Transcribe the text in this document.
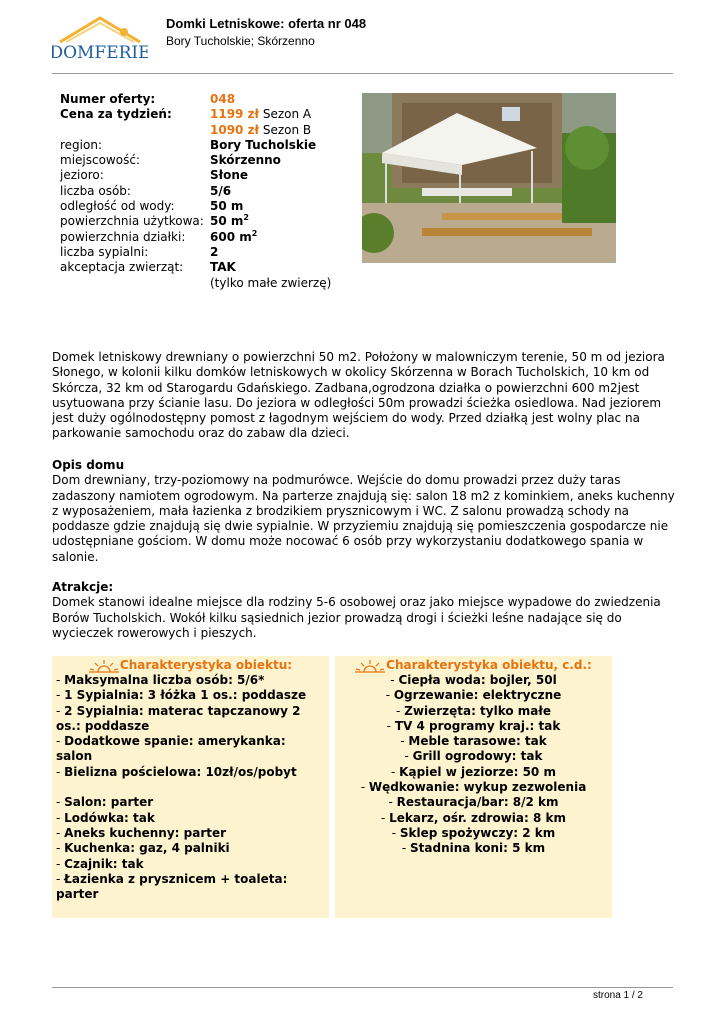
DOMFERIE
Domki Letniskowe: oferta nr 048
Bory Tucholskie; Skórzenno
Numer oferty:	048
Cena za tydzień:	1199 zł Sezon A
1090 zł Sezon B
region:	Bory Tucholskie
miejscowość:	Skórzenno
jezioro:	Słone
liczba osób:	5/6
odległość od wody:	50 m
powierzchnia użytkowa: 50 $m^2$
powierzchnia działki:	600 $m^2$
liczba sypialni:	2
akceptacja zwierząt:	TAK
(tylko małe zwierzę)

Domek letniskowy drewniany o powierzchni 50 m2. Położony w malowniczym terenie, 50 m od jeziora Słonego, w kolonii kilku domków letniskowych w okolicy Skórzenna w Borach Tucholskich, 10 km od Skórcza, 32 km od Starogardu Gdańskiego. Zadbana,ogrodzona działka o powierzchni 600 m2jest usytuowana przy ścianie lasu. Do jeziora w odległości 50m prowadzi ścieżka osiedlowa. Nad jeziorem jest duży ogólnodostępny pomost z łagodnym wejściem do wody. Przed działką jest wolny plac na parkowanie samochodu oraz do zabaw dla dzieci.

Opis domu

Dom drewniany, trzy-poziomowy na podmurówce. Wejście do domu prowadzi przez duży taras zadaszony namiotem ogrodowym. Na parterze znajdują się: salon 18 m2 z kominkiem, aneks kuchenny z wyposażeniem, mała łazienka z brodzikiem prysznicowym i WC. Z salonu prowadzą schody na poddasze gdzie znajdują się dwie sypialnie. W przyziemiu znajdują się pomieszczenia gospodarcze nie udostępniane gościom. W domu może nocować 6 osób przy wykorzystaniu dodatkowego spania w salonie.

Atrakcje:

Domek stanowi idealne miejsce dla rodziny 5-6 osobowej oraz jako miejsce wypadowe do zwiedzenia Borów Tucholskich. Wokół kilku sąsiednich jezior prowadzą drogi i ścieżki leśne nadające się do wycieczek rowerowych i pieszych.

Charakterystyka obiektu:
- Maksymalna liczba osób: 5/6*
- 1 Sypialnia: 3 łóżka 1 os.: poddasze
- 2 Sypialnia: materac tapczanowy 2 os.: poddasze
- Dodatkowe spanie: amerykanka: salon
- Bielizna pościelowa: 10zł/os/pobyt
- Salon: parter
- Lodówka: tak
- Aneks kuchenny: parter
- Kuchenka: gaz, 4 palniki
- Czajnik: tak
- Łazienka z prysznicem + toaleta: parter
Charakterystyka obiektu, c.d.:
- Ciepła woda: bojler, 50l
- Ogrzewanie: elektryczne
- Zwierzęta: tylko małe
- TV 4 programy kraj.: tak
- Meble tarasowe: tak
- Grill ogrodowy: tak
- Kąpiel w jeziorze: 50 m
- Wędkowanie: wykup zezwolenia
- Restauracja/bar: 8/2 km
- Lekarz, ośr. zdrowia: 8 km
- Sklep spożywczy: 2 km
- Stadnina koni: 5 km
strona 1 / 2
